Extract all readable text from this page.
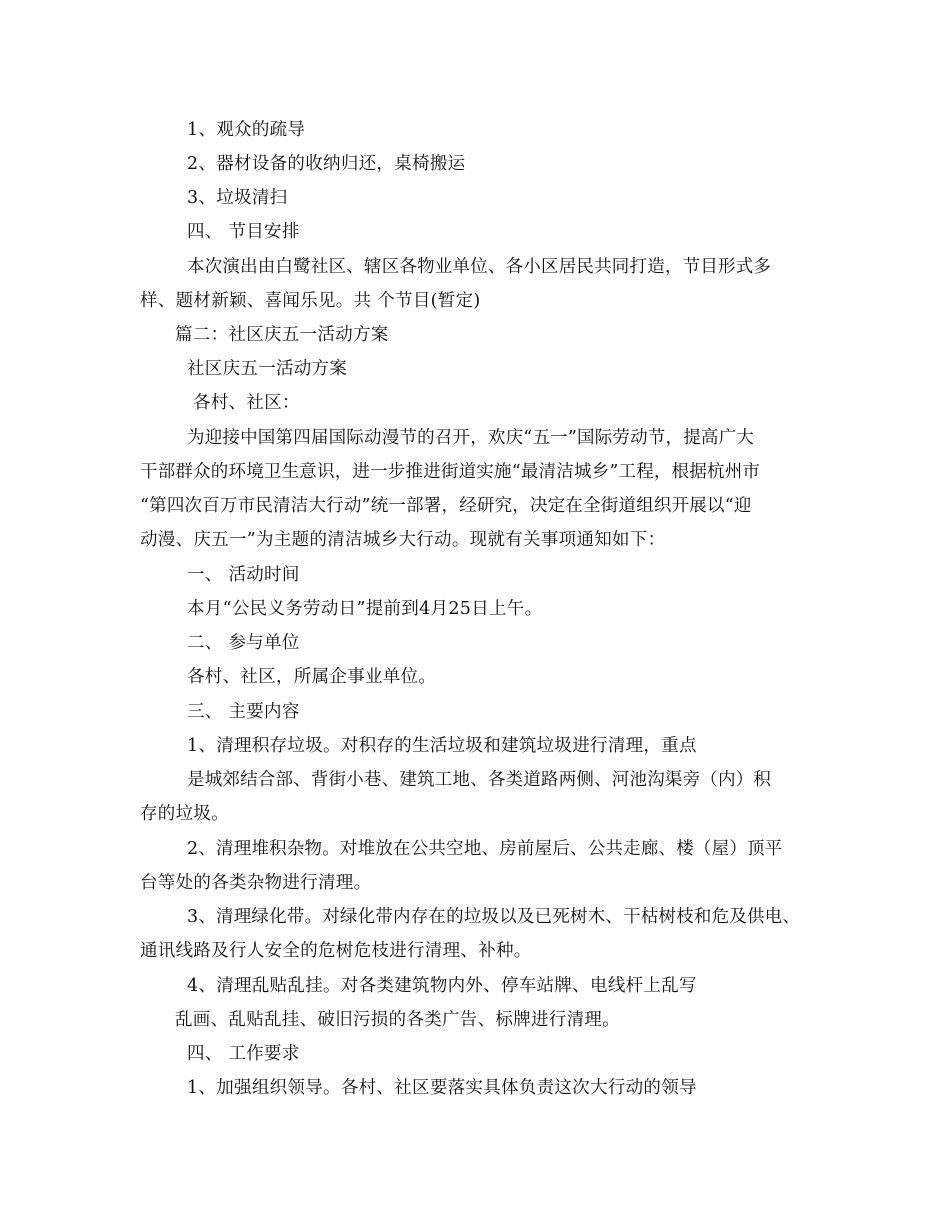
1、观众的疏导
2、器材设备的收纳归还，桌椅搬运
3、垃圾清扫
四、 节目安排
本次演出由白鹭社区、辖区各物业单位、各小区居民共同打造，节目形式多
样、题材新颖、喜闻乐见。共 个节目(暂定)
篇二：社区庆五一活动方案
社区庆五一活动方案
各村、社区：
为迎接中国第四届国际动漫节的召开，欢庆“五一”国际劳动节，提高广大
干部群众的环境卫生意识，进一步推进街道实施“最清洁城乡”工程，根据杭州市
“第四次百万市民清洁大行动”统一部署，经研究，决定在全街道组织开展以“迎
动漫、庆五一”为主题的清洁城乡大行动。现就有关事项通知如下：
一、 活动时间
本月“公民义务劳动日”提前到4月25日上午。
二、 参与单位
各村、社区，所属企事业单位。
三、 主要内容
1、清理积存垃圾。对积存的生活垃圾和建筑垃圾进行清理，重点
是城郊结合部、背街小巷、建筑工地、各类道路两侧、河池沟渠旁（内）积
存的垃圾。
2、清理堆积杂物。对堆放在公共空地、房前屋后、公共走廊、楼（屋）顶平
台等处的各类杂物进行清理。
3、清理绿化带。对绿化带内存在的垃圾以及已死树木、干枯树枝和危及供电、
通讯线路及行人安全的危树危枝进行清理、补种。
4、清理乱贴乱挂。对各类建筑物内外、停车站牌、电线杆上乱写
乱画、乱贴乱挂、破旧污损的各类广告、标牌进行清理。
四、 工作要求
1、加强组织领导。各村、社区要落实具体负责这次大行动的领导
